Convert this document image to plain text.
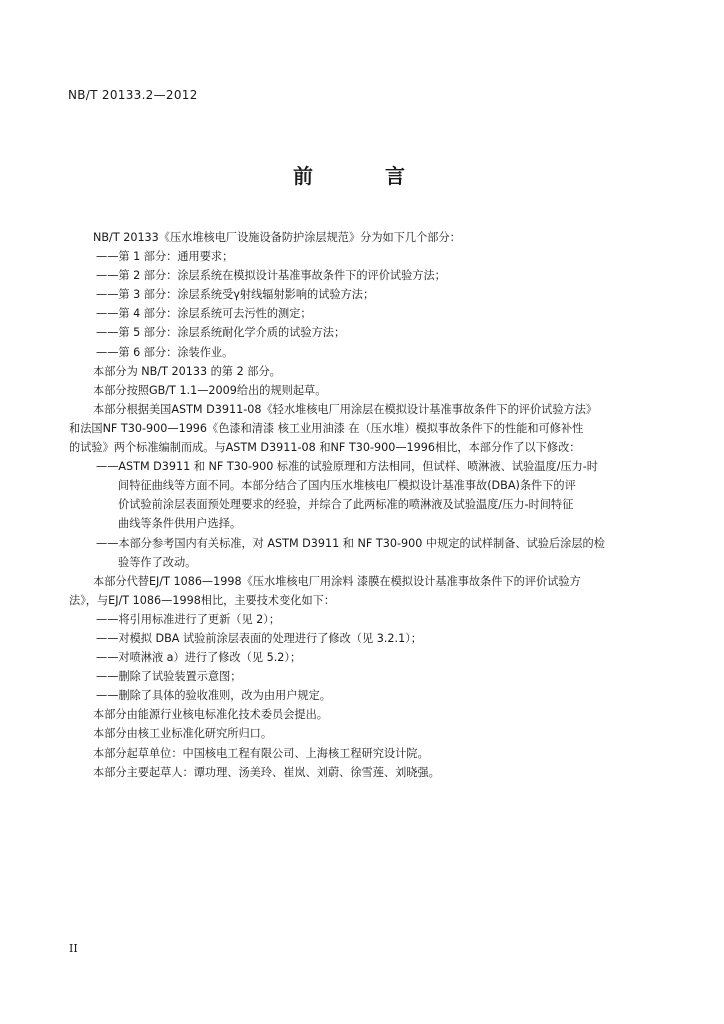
NB/T 20133.2—2012
前　言
NB/T 20133《压水堆核电厂设施设备防护涂层规范》分为如下几个部分：
——第 1 部分：通用要求；
——第 2 部分：涂层系统在模拟设计基准事故条件下的评价试验方法；
——第 3 部分：涂层系统受γ射线辐射影响的试验方法；
——第 4 部分：涂层系统可去污性的测定；
——第 5 部分：涂层系统耐化学介质的试验方法；
——第 6 部分：涂装作业。
本部分为 NB/T 20133 的第 2 部分。
本部分按照GB/T 1.1—2009给出的规则起草。
本部分根据美国ASTM D3911-08《轻水堆核电厂用涂层在模拟设计基准事故条件下的评价试验方法》
和法国NF T30-900—1996《色漆和清漆 核工业用油漆 在（压水堆）模拟事故条件下的性能和可修补性
的试验》两个标准编制而成。与ASTM D3911-08 和NF T30-900—1996相比，本部分作了以下修改：
——ASTM D3911 和 NF T30-900 标准的试验原理和方法相同，但试样、喷淋液、试验温度/压力-时
间特征曲线等方面不同。本部分结合了国内压水堆核电厂模拟设计基准事故(DBA)条件下的评
价试验前涂层表面预处理要求的经验，并综合了此两标准的喷淋液及试验温度/压力-时间特征
曲线等条件供用户选择。
——本部分参考国内有关标准，对 ASTM D3911 和 NF T30-900 中规定的试样制备、试验后涂层的检
验等作了改动。
本部分代替EJ/T 1086—1998《压水堆核电厂用涂料 漆膜在模拟设计基准事故条件下的评价试验方
法》，与EJ/T 1086—1998相比，主要技术变化如下：
——将引用标准进行了更新（见 2）；
——对模拟 DBA 试验前涂层表面的处理进行了修改（见 3.2.1）；
——对喷淋液 a）进行了修改（见 5.2）；
——删除了试验装置示意图；
——删除了具体的验收准则，改为由用户规定。
本部分由能源行业核电标准化技术委员会提出。
本部分由核工业标准化研究所归口。
本部分起草单位：中国核电工程有限公司、上海核工程研究设计院。
本部分主要起草人：谭功理、汤美玲、崔岚、刘蔚、徐雪莲、刘晓强。
II
